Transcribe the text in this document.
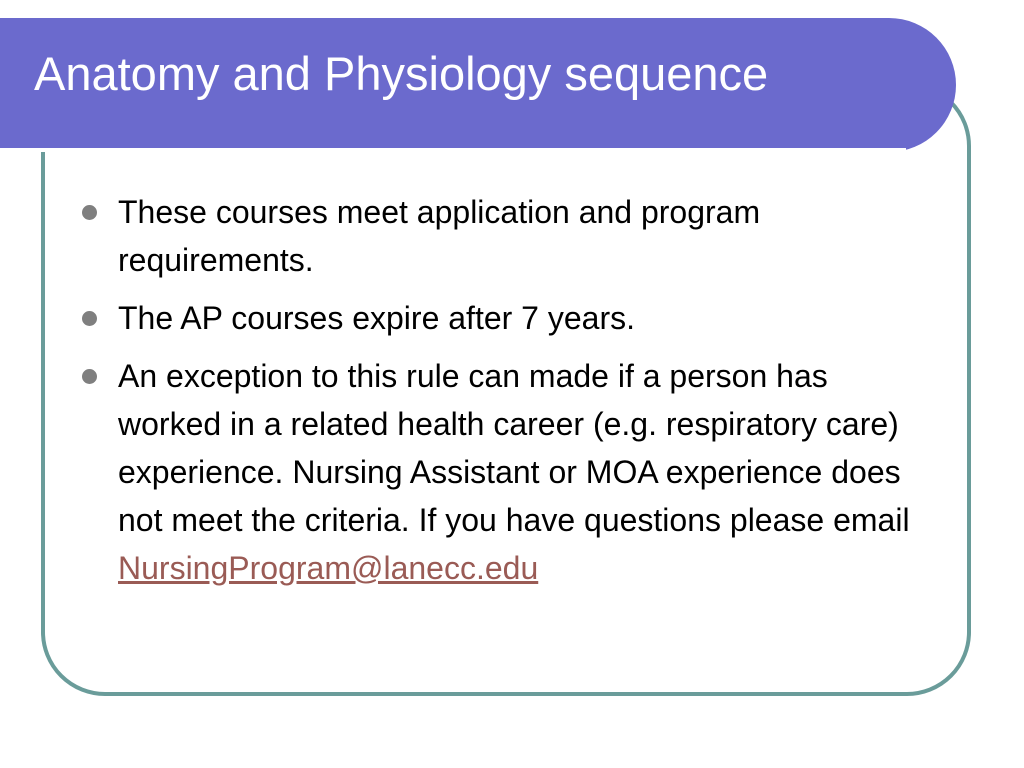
Anatomy and Physiology sequence
These courses meet application and program requirements.
The AP courses expire after 7 years.
An exception to this rule can made if a person has worked in a related health career (e.g. respiratory care) experience. Nursing Assistant or MOA experience does not meet the criteria. If you have questions please email
NursingProgram@lanecc.edu
